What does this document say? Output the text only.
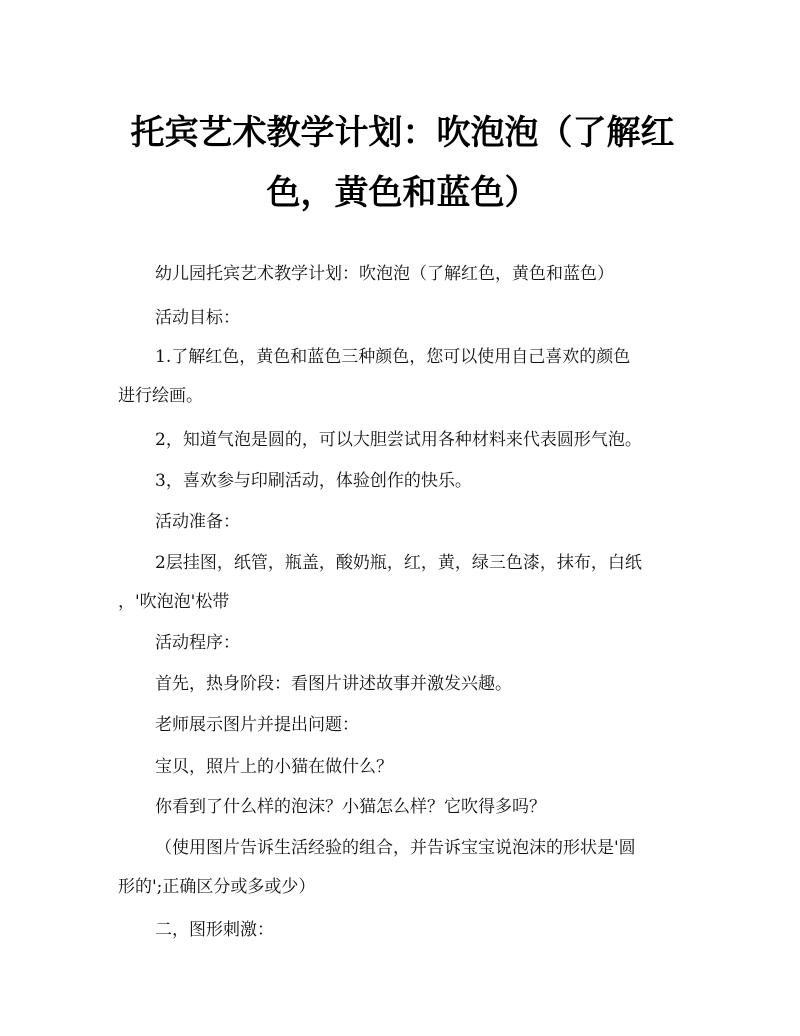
托宾艺术教学计划：吹泡泡（了解红色，黄色和蓝色）

幼儿园托宾艺术教学计划：吹泡泡（了解红色，黄色和蓝色）

活动目标：

1.了解红色，黄色和蓝色三种颜色，您可以使用自己喜欢的颜色

进行绘画。

2，知道气泡是圆的，可以大胆尝试用各种材料来代表圆形气泡。

3，喜欢参与印刷活动，体验创作的快乐。

活动准备：

2层挂图，纸管，瓶盖，酸奶瓶，红，黄，绿三色漆，抹布，白纸

，'吹泡泡'松带

活动程序：

首先，热身阶段：看图片讲述故事并激发兴趣。

老师展示图片并提出问题：

宝贝，照片上的小猫在做什么？

你看到了什么样的泡沫？小猫怎么样？它吹得多吗？

（使用图片告诉生活经验的组合，并告诉宝宝说泡沫的形状是'圆

形的';正确区分或多或少）

二，图形刺激：
